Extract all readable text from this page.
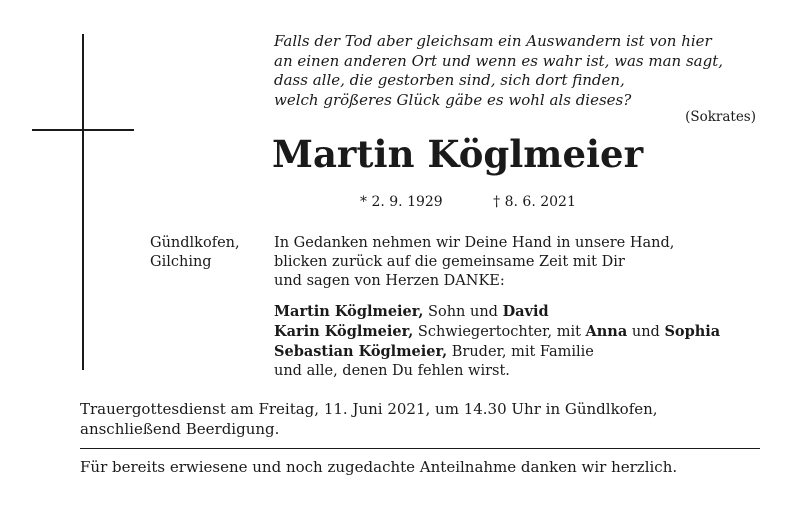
Falls der Tod aber gleichsam ein Auswandern ist von hier
an einen anderen Ort und wenn es wahr ist, was man sagt,
dass alle, die gestorben sind, sich dort finden,
welch größeres Glück gäbe es wohl als dieses?
(Sokrates)
Martin Köglmeier
* 2. 9. 1929	† 8. 6. 2021
Gündlkofen,
Gilching
In Gedanken nehmen wir Deine Hand in unsere Hand,
blicken zurück auf die gemeinsame Zeit mit Dir
und sagen von Herzen DANKE:
Martin Köglmeier, Sohn und David
Karin Köglmeier, Schwiegertochter, mit Anna und Sophia
Sebastian Köglmeier, Bruder, mit Familie
und alle, denen Du fehlen wirst.
Trauergottesdienst am Freitag, 11. Juni 2021, um 14.30 Uhr in Gündlkofen,
anschließend Beerdigung.
Für bereits erwiesene und noch zugedachte Anteilnahme danken wir herzlich.
